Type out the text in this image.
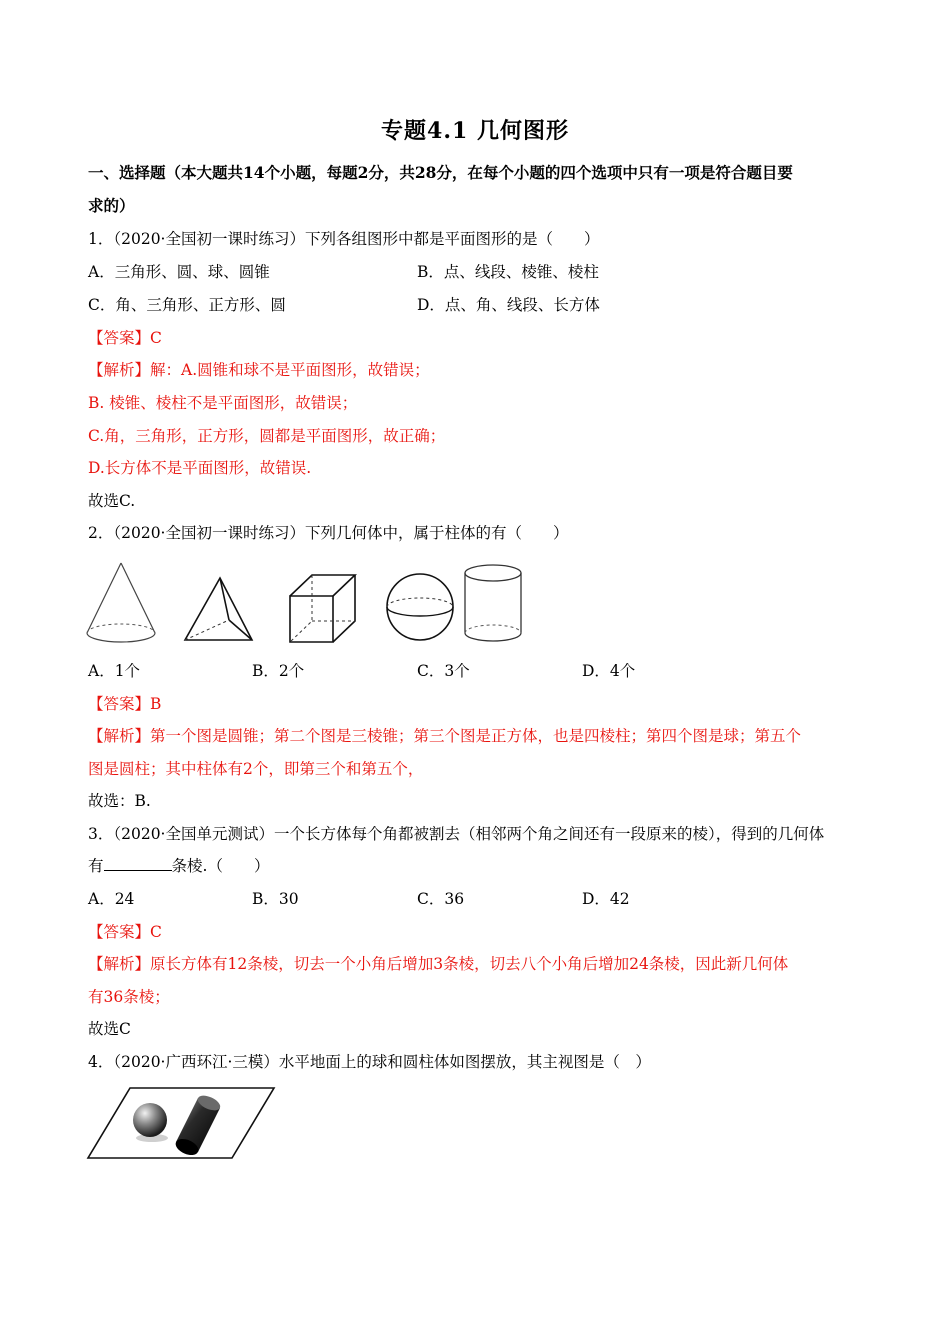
专题4.1 几何图形
一、选择题（本大题共14个小题，每题2分，共28分，在每个小题的四个选项中只有一项是符合题目要
求的）
1．（2020·全国初一课时练习）下列各组图形中都是平面图形的是（　　）
A．三角形、圆、球、圆锥	B．点、线段、棱锥、棱柱
C．角、三角形、正方形、圆	D．点、角、线段、长方体
【答案】C
【解析】解：A.圆锥和球不是平面图形，故错误；
B. 棱锥、棱柱不是平面图形，故错误；
C.角，三角形，正方形，圆都是平面图形，故正确；
D.长方体不是平面图形，故错误.
故选C.
2．（2020·全国初一课时练习）下列几何体中，属于柱体的有（　　）
A．1个	B．2个	C．3个	D．4个
【答案】B
【解析】第一个图是圆锥；第二个图是三棱锥；第三个图是正方体，也是四棱柱；第四个图是球；第五个
图是圆柱；其中柱体有2个，即第三个和第五个，
故选：B.
3．（2020·全国单元测试）一个长方体每个角都被割去（相邻两个角之间还有一段原来的棱），得到的几何体
有	条棱.（　　）
A．24	B．30	C．36	D．42
【答案】C
【解析】原长方体有12条棱，切去一个小角后增加3条棱，切去八个小角后增加24条棱，因此新几何体
有36条棱；
故选C
4．（2020·广西环江·三模）水平地面上的球和圆柱体如图摆放，其主视图是（　）
